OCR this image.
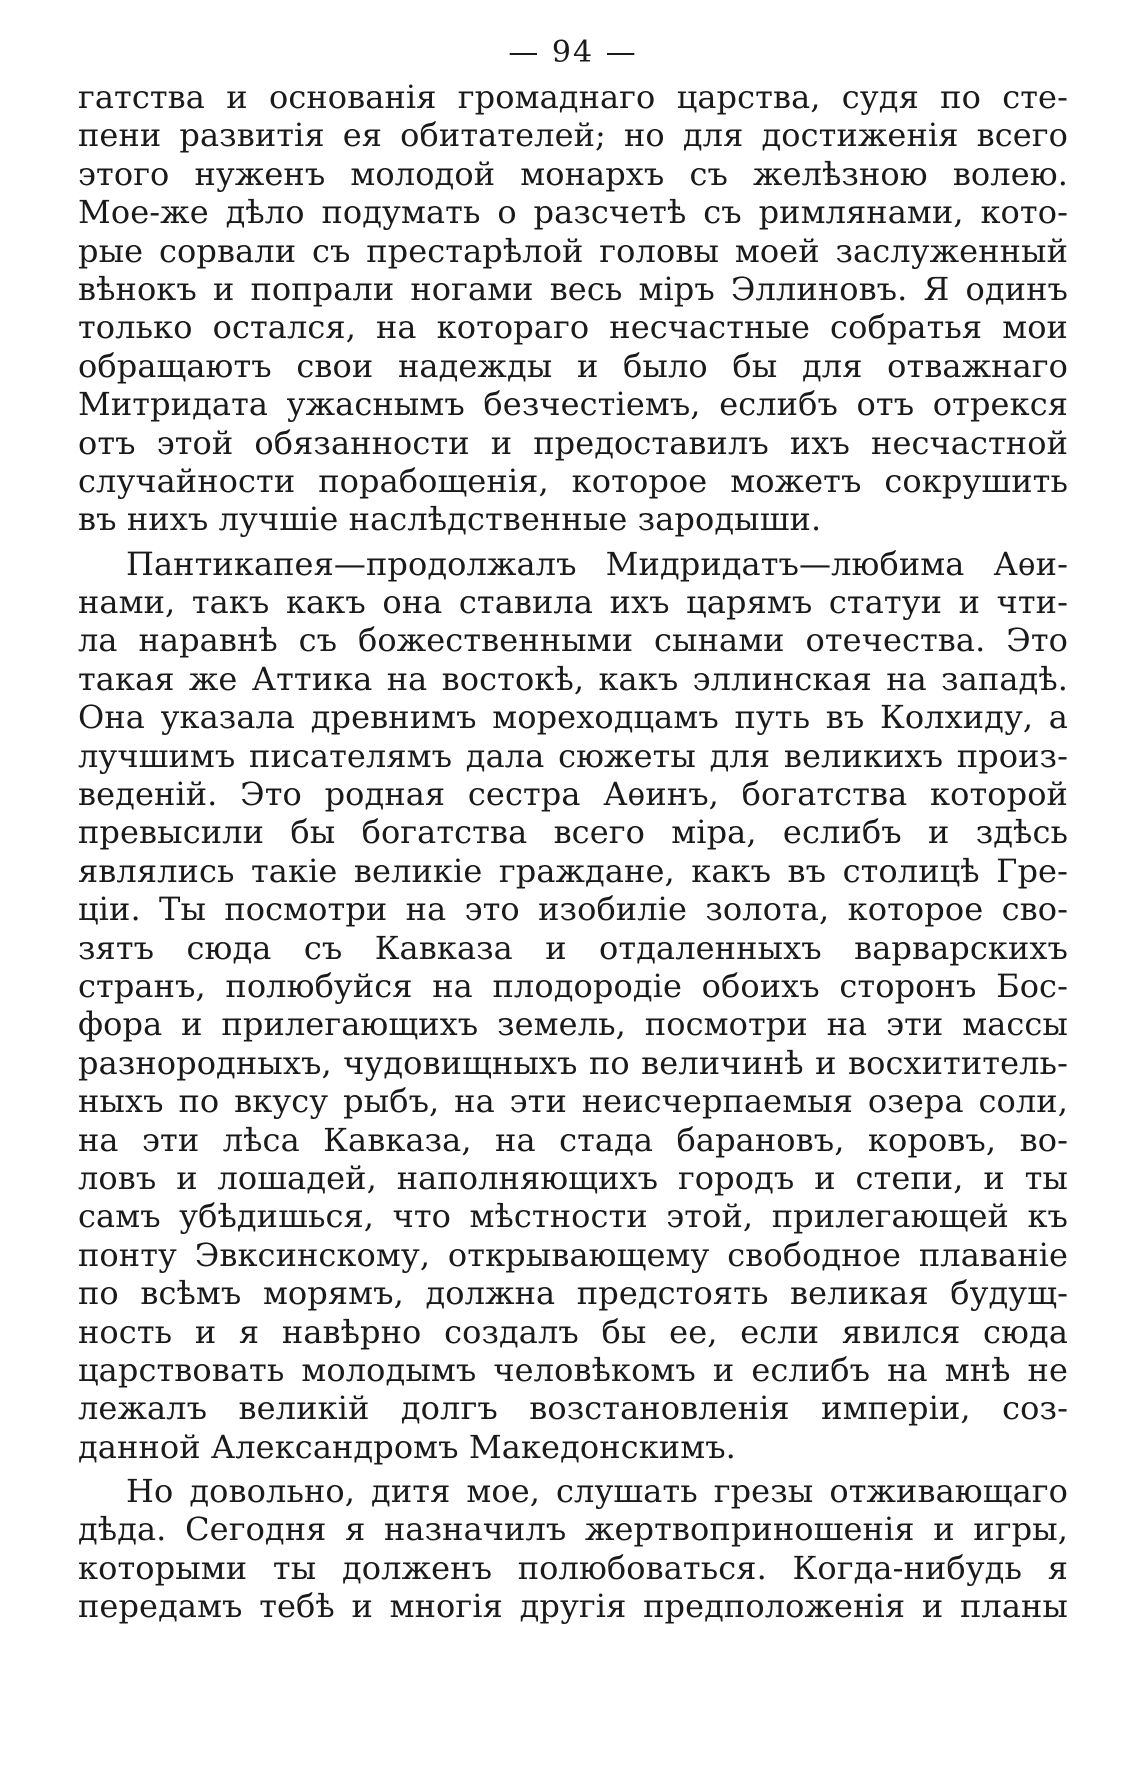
— 94 —
гатства и основанія громаднаго царства, судя по сте-
пени развитія ея обитателей; но для достиженія всего
этого нуженъ молодой монархъ съ желѣзною волею.
Мое-же дѣло подумать о разсчетѣ съ римлянами, кото-
рые сорвали съ престарѣлой головы моей заслуженный
вѣнокъ и попрали ногами весь міръ Эллиновъ. Я одинъ
только остался, на котораго несчастные собратья мои
обращаютъ свои надежды и было бы для отважнаго
Митридата ужаснымъ безчестіемъ, еслибъ отъ отрекся
отъ этой обязанности и предоставилъ ихъ несчастной
случайности порабощенія, которое можетъ сокрушить
въ нихъ лучшіе наслѣдственные зародыши.
Пантикапея—продолжалъ Мидридатъ—любима Аѳи-
нами, такъ какъ она ставила ихъ царямъ статуи и чти-
ла наравнѣ съ божественными сынами отечества. Это
такая же Аттика на востокѣ, какъ эллинская на западѣ.
Она указала древнимъ мореходцамъ путь въ Колхиду, а
лучшимъ писателямъ дала сюжеты для великихъ произ-
веденій. Это родная сестра Аѳинъ, богатства которой
превысили бы богатства всего міра, еслибъ и здѣсь
являлись такіе великіе граждане, какъ въ столицѣ Гре-
ціи. Ты посмотри на это изобиліе золота, которое сво-
зятъ сюда съ Кавказа и отдаленныхъ варварскихъ
странъ, полюбуйся на плодородіе обоихъ сторонъ Бос-
фора и прилегающихъ земель, посмотри на эти массы
разнородныхъ, чудовищныхъ по величинѣ и восхититель-
ныхъ по вкусу рыбъ, на эти неисчерпаемыя озера соли,
на эти лѣса Кавказа, на стада барановъ, коровъ, во-
ловъ и лошадей, наполняющихъ городъ и степи, и ты
самъ убѣдишься, что мѣстности этой, прилегающей къ
понту Эвксинскому, открывающему свободное плаваніе
по всѣмъ морямъ, должна предстоять великая будущ-
ность и я навѣрно создалъ бы ее, если явился сюда
царствовать молодымъ человѣкомъ и еслибъ на мнѣ не
лежалъ великій долгъ возстановленія имперіи, соз-
данной Александромъ Македонскимъ.
Но довольно, дитя мое, слушать грезы отживающаго
дѣда. Сегодня я назначилъ жертвоприношенія и игры,
которыми ты долженъ полюбоваться. Когда-нибудь я
передамъ тебѣ и многія другія предположенія и планы
